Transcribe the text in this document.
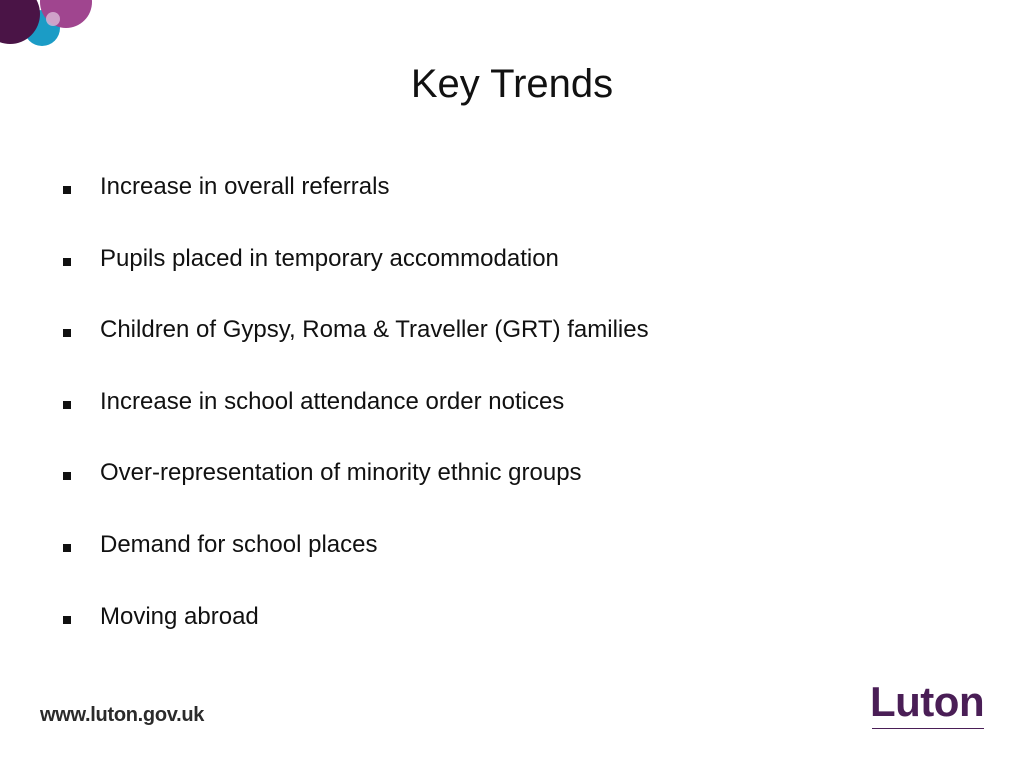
Key Trends
Increase in overall referrals
Pupils placed in temporary accommodation
Children of Gypsy, Roma & Traveller (GRT) families
Increase in school attendance order notices
Over-representation of minority ethnic groups
Demand for school places
Moving abroad
www.luton.gov.uk	Luton
